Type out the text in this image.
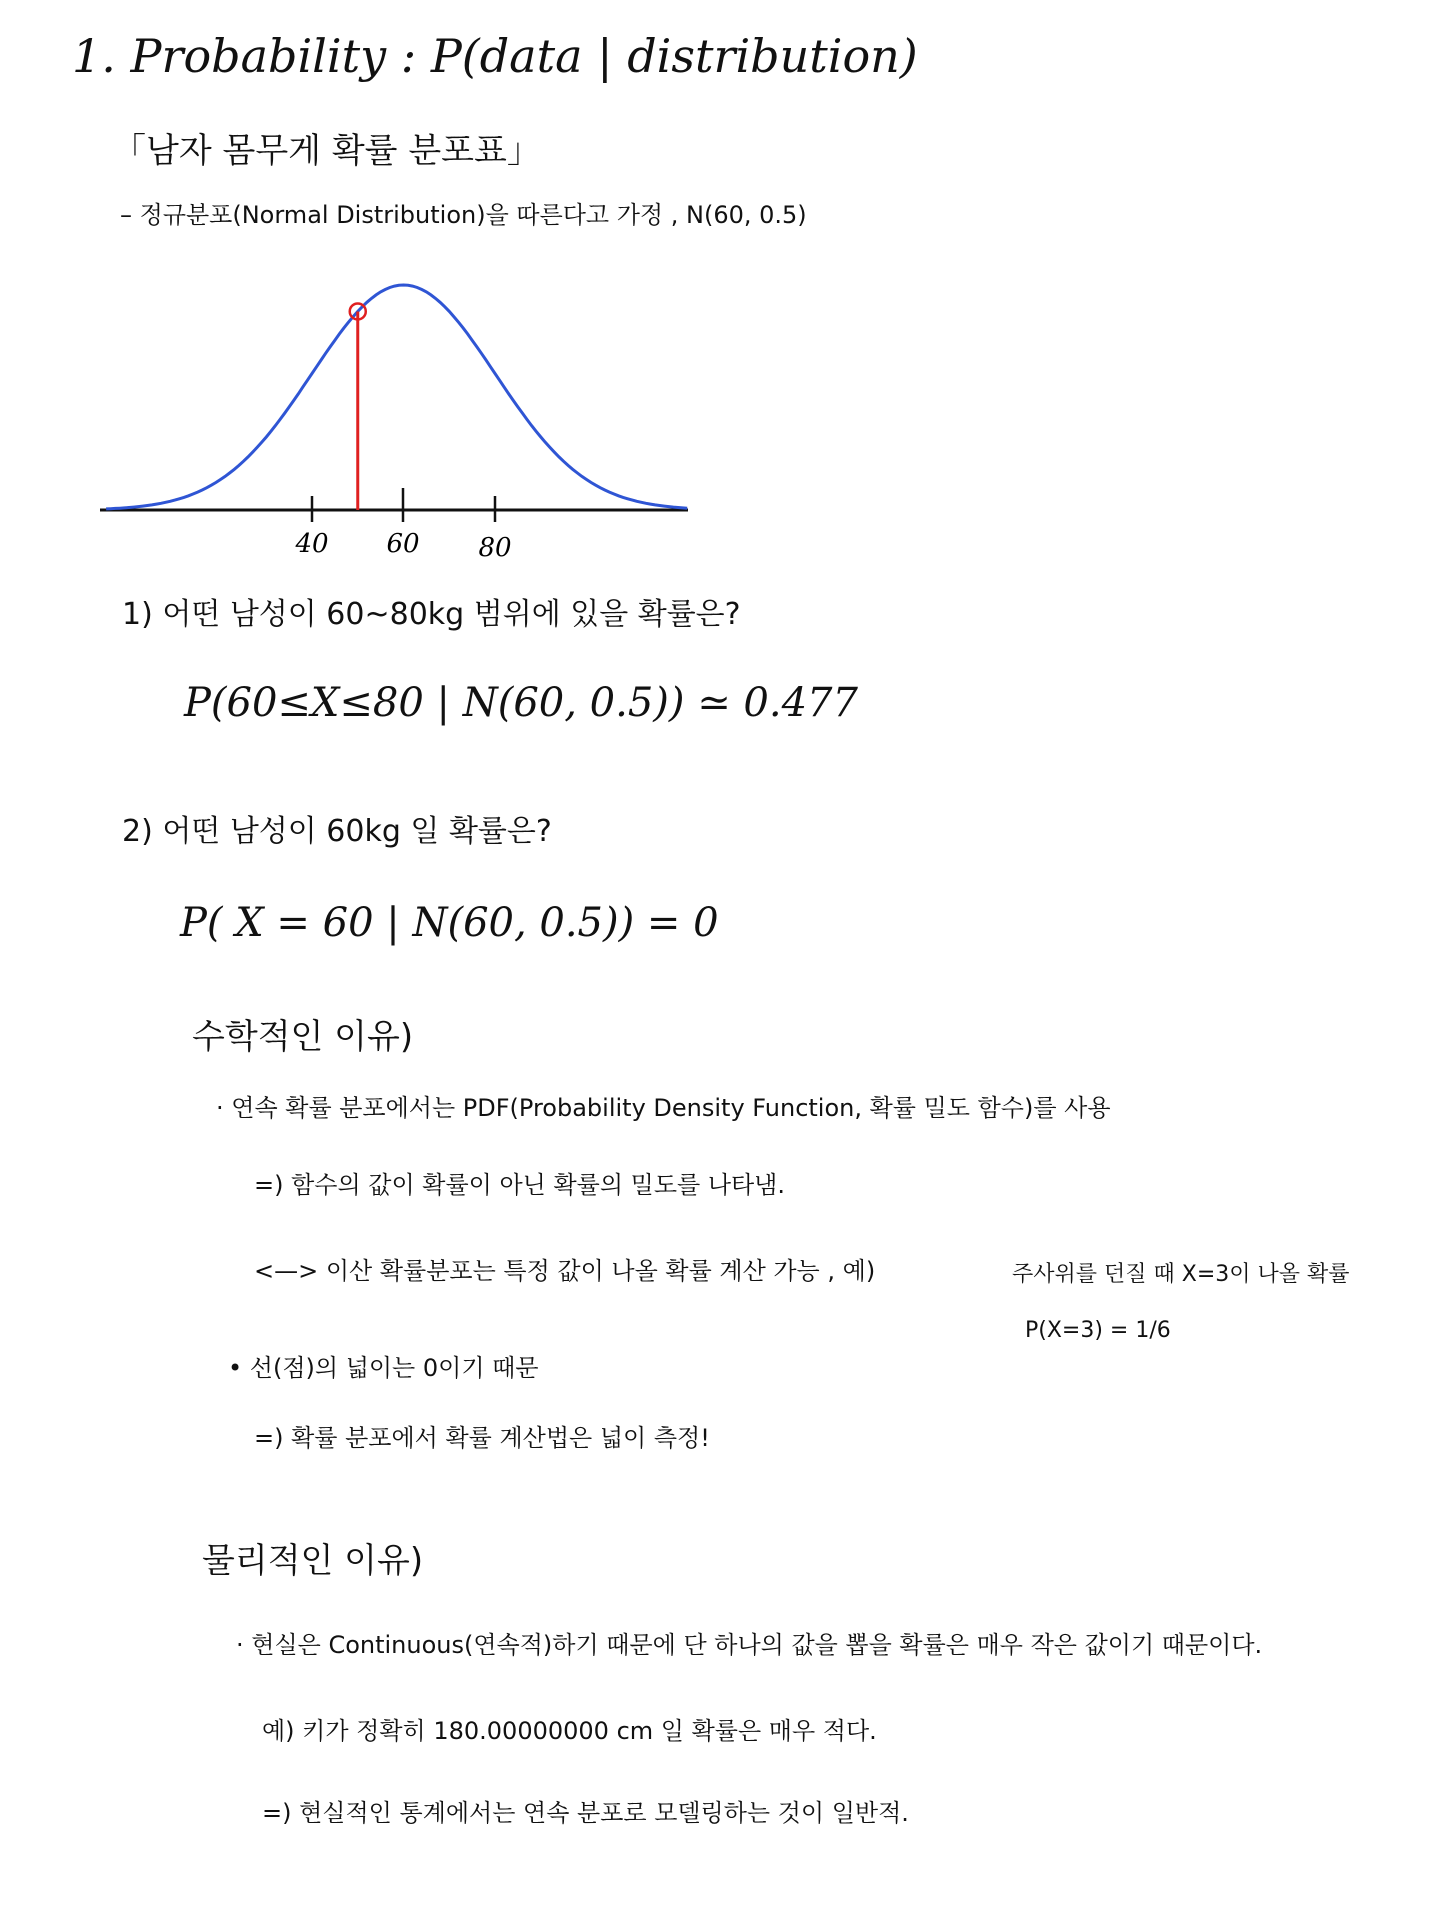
1. Probability : P(data | distribution)
「남자 몸무게 확률 분포표」
– 정규분포(Normal Distribution)을 따른다고 가정 , N(60, 0.5)
40 60 80
1) 어떤 남성이 60~80kg 범위에 있을 확률은?
P(60≤X≤80 | N(60, 0.5)) ≃ 0.477
2) 어떤 남성이 60kg 일 확률은?
P( X = 60 | N(60, 0.5)) = 0
수학적인 이유)
· 연속 확률 분포에서는 PDF(Probability Density Function, 확률 밀도 함수)를 사용
=) 함수의 값이 확률이 아닌 확률의 밀도를 나타냄.
<—> 이산 확률분포는 특정 값이 나올 확률 계산 가능 , 예)	주사위를 던질 때 X=3이 나올 확률
P(X=3) = 1/6
• 선(점)의 넓이는 0이기 때문
=) 확률 분포에서 확률 계산법은 넓이 측정!
물리적인 이유)
· 현실은 Continuous(연속적)하기 때문에 단 하나의 값을 뽑을 확률은 매우 작은 값이기 때문이다.
예) 키가 정확히 180.00000000 cm 일 확률은 매우 적다.
=) 현실적인 통계에서는 연속 분포로 모델링하는 것이 일반적.
